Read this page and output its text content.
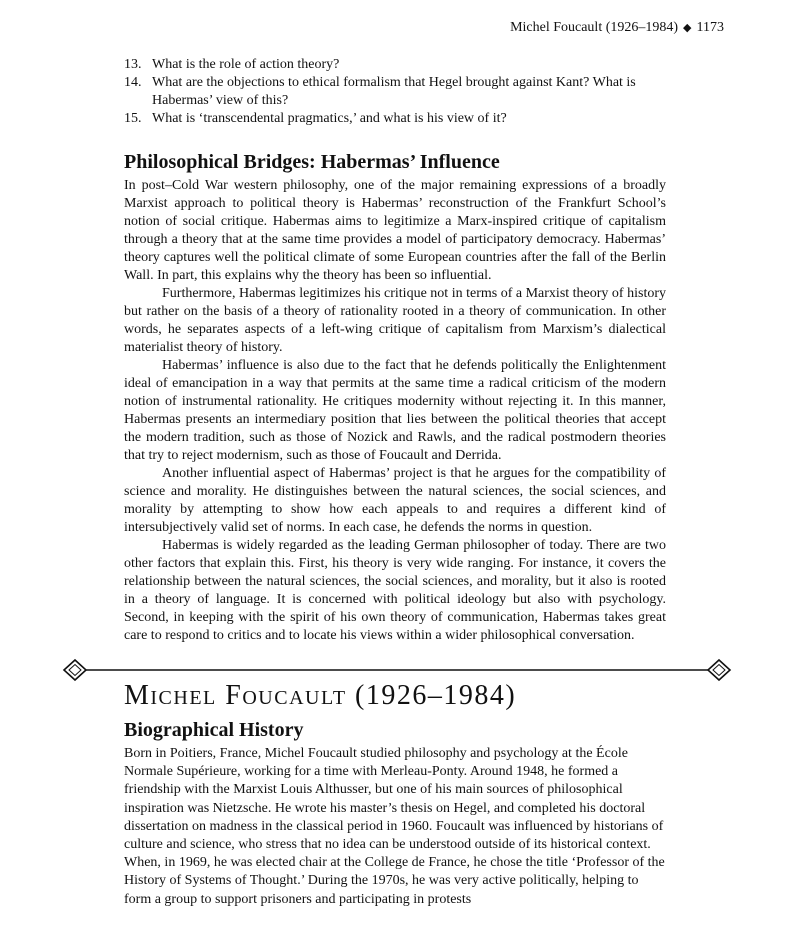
Michel Foucault (1926–1984) ◆ 1173
13. What is the role of action theory?
14. What are the objections to ethical formalism that Hegel brought against Kant? What is Habermas’ view of this?
15. What is ‘transcendental pragmatics,’ and what is his view of it?
Philosophical Bridges: Habermas’ Influence

In post–Cold War western philosophy, one of the major remaining expressions of a broadly Marxist approach to political theory is Habermas’ reconstruction of the Frankfurt School’s notion of social critique. Habermas aims to legitimize a Marx-inspired critique of capitalism through a theory that at the same time provides a model of participatory democracy. Habermas’ theory captures well the political climate of some European countries after the fall of the Berlin Wall. In part, this explains why the theory has been so influential.

Furthermore, Habermas legitimizes his critique not in terms of a Marxist theory of history but rather on the basis of a theory of rationality rooted in a theory of communication. In other words, he separates aspects of a left-wing critique of capitalism from Marxism’s dialectical materialist theory of history.

Habermas’ influence is also due to the fact that he defends politically the Enlightenment ideal of emancipation in a way that permits at the same time a radical criticism of the modern notion of instrumental rationality. He critiques modernity without rejecting it. In this manner, Habermas presents an intermediary position that lies between the political theories that accept the modern tradition, such as those of Nozick and Rawls, and the radical postmodern theories that try to reject modernism, such as those of Foucault and Derrida.

Another influential aspect of Habermas’ project is that he argues for the compatibility of science and morality. He distinguishes between the natural sciences, the social sciences, and morality by attempting to show how each appeals to and requires a different kind of intersubjectively valid set of norms. In each case, he defends the norms in question.

Habermas is widely regarded as the leading German philosopher of today. There are two other factors that explain this. First, his theory is very wide ranging. For instance, it covers the relationship between the natural sciences, the social sciences, and morality, but it also is rooted in a theory of language. It is concerned with political ideology but also with psychology. Second, in keeping with the spirit of his own theory of communication, Habermas takes great care to respond to critics and to locate his views within a wider philosophical conversation.

Michel Foucault (1926–1984)
Biographical History

Born in Poitiers, France, Michel Foucault studied philosophy and psychology at the École Normale Supérieure, working for a time with Merleau-Ponty. Around 1948, he formed a friendship with the Marxist Louis Althusser, but one of his main sources of philosophical inspiration was Nietzsche. He wrote his master’s thesis on Hegel, and completed his doctoral dissertation on madness in the classical period in 1960. Foucault was influenced by historians of culture and science, who stress that no idea can be understood outside of its historical context. When, in 1969, he was elected chair at the College de France, he chose the title ‘Professor of the History of Systems of Thought.’ During the 1970s, he was very active politically, helping to form a group to support prisoners and participating in protests
